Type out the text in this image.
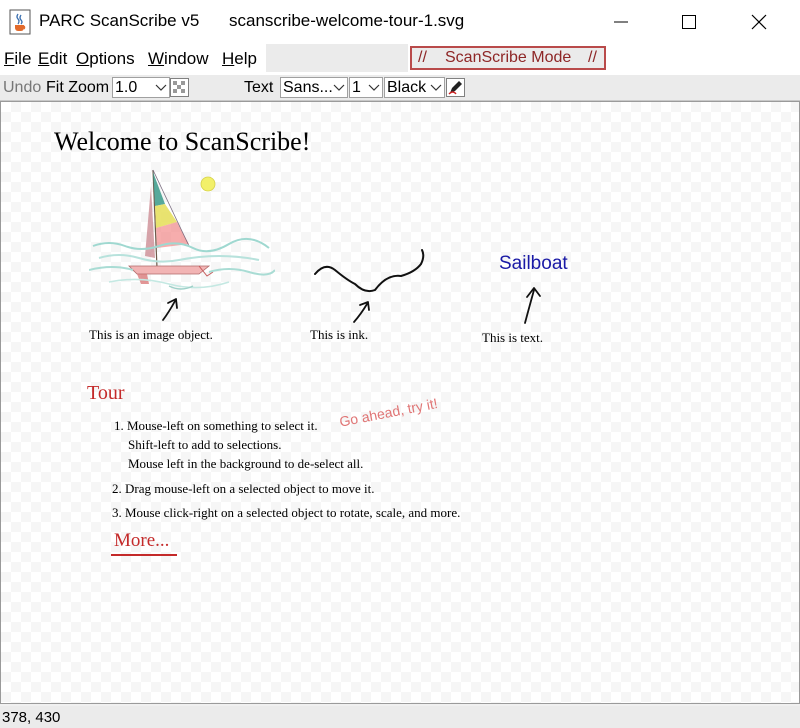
PARC ScanScribe v5 scanscribe-welcome-tour-1.svg
File Edit Options Window Help	// ScanScribe Mode //
Undo Fit Zoom 1.0	Text Sans...	1	Black
Welcome to ScanScribe!
Sailboat
This is an image object.	This is ink.	This is text.
Tour
1. Mouse-left on something to select it.
Shift-left to add to selections.
Mouse left in the background to de-select all.
2. Drag mouse-left on a selected object to move it.
3. Mouse click-right on a selected object to rotate, scale, and more.
Go ahead, try it!
More...
378, 430
